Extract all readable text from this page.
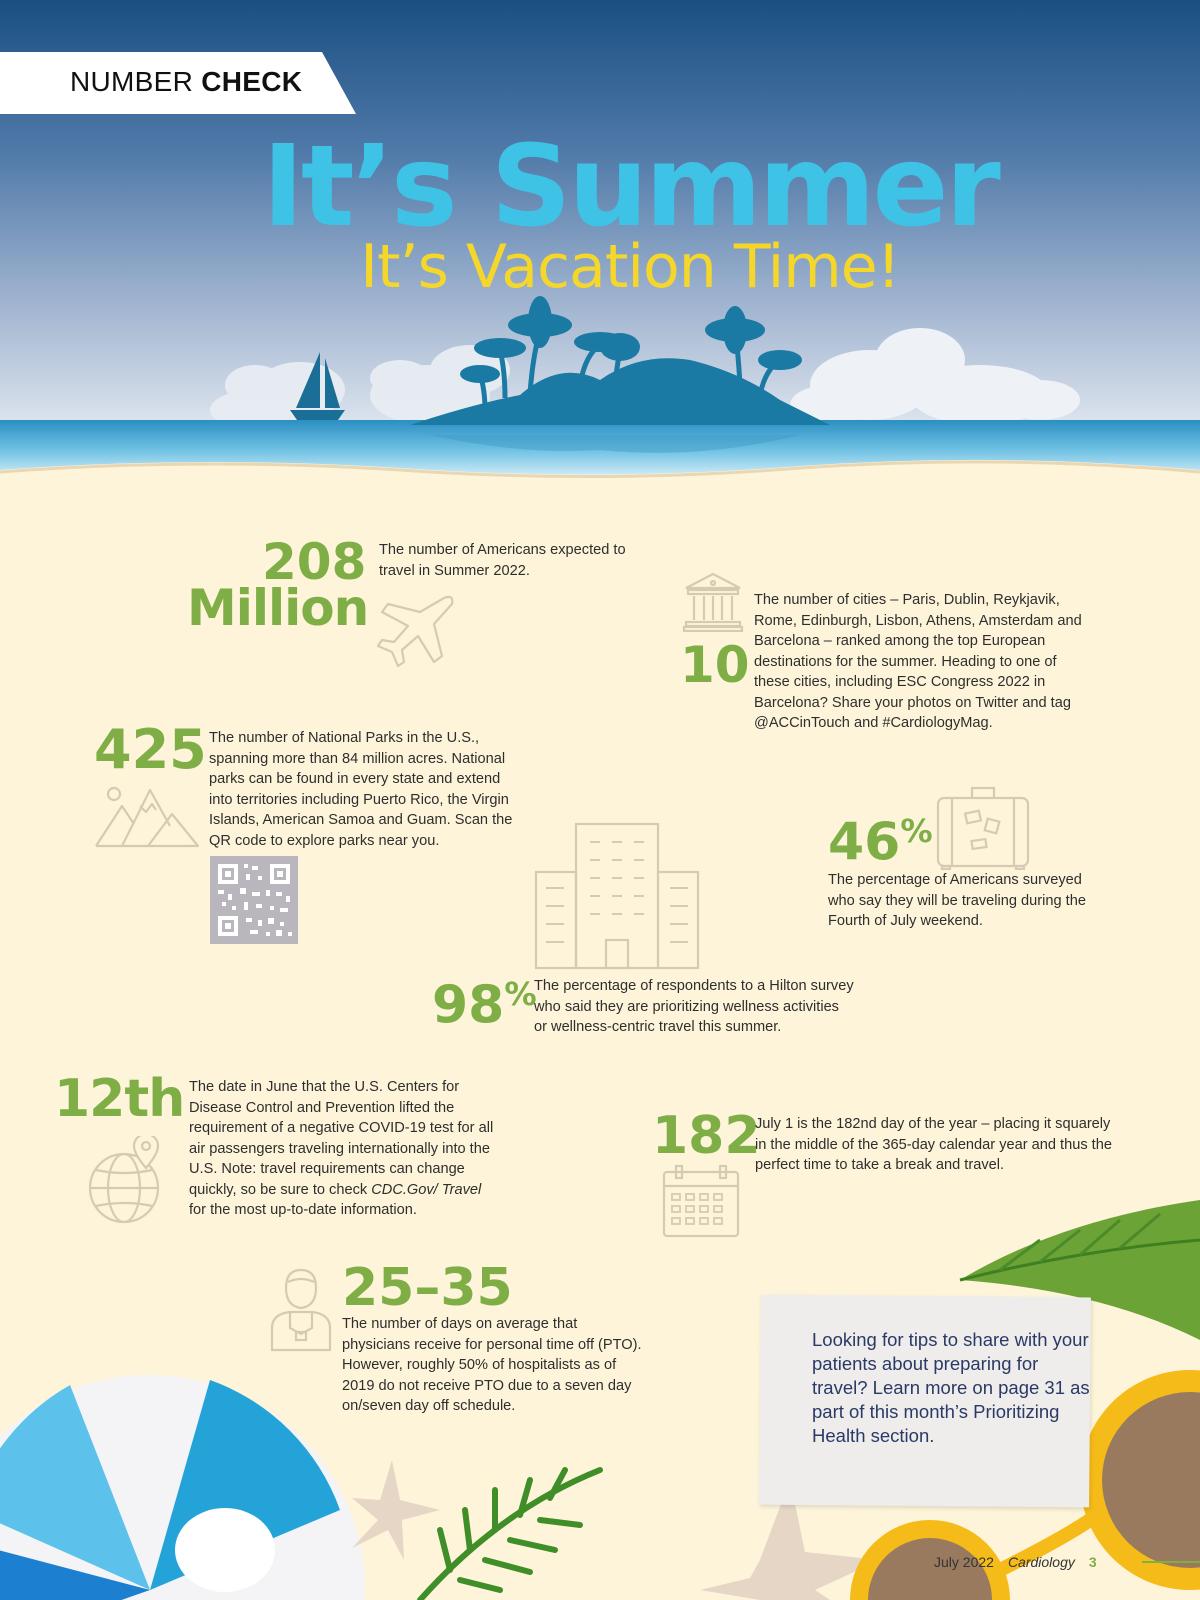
NUMBER CHECK
It’s Summer
It’s Vacation Time!
208
Million
The number of Americans expected to travel in Summer 2022.
10
The number of cities – Paris, Dublin, Reykjavik, Rome, Edinburgh, Lisbon, Athens, Amsterdam and Barcelona – ranked among the top European destinations for the summer. Heading to one of these cities, including ESC Congress 2022 in Barcelona? Share your photos on Twitter and tag @ACCinTouch and #CardiologyMag.
425 The number of National Parks in the U.S., spanning more than 84 million acres. National parks can be found in every state and extend into territories including Puerto Rico, the Virgin Islands, American Samoa and Guam. Scan the QR code to explore parks near you.	46%
The percentage of Americans surveyed who say they will be traveling during the Fourth of July weekend.
98%
The percentage of respondents to a Hilton survey who said they are prioritizing wellness activities or wellness-centric travel this summer.
12th The date in June that the U.S. Centers for Disease Control and Prevention lifted the requirement of a negative COVID-19 test for all air passengers traveling internationally into the U.S. Note: travel requirements can change quickly, so be sure to check CDC.Gov/ Travel for the most up-to-date information.
182
July 1 is the 182nd day of the year – placing it squarely in the middle of the 365-day calendar year and thus the perfect time to take a break and travel.
25–35
The number of days on average that physicians receive for personal time off (PTO). However, roughly 50% of hospitalists as of 2019 do not receive PTO due to a seven day on/seven day off schedule.
Looking for tips to share with your patients about preparing for travel? Learn more on page 31 as part of this month’s Prioritizing Health section.
July 2022 Cardiology 3
